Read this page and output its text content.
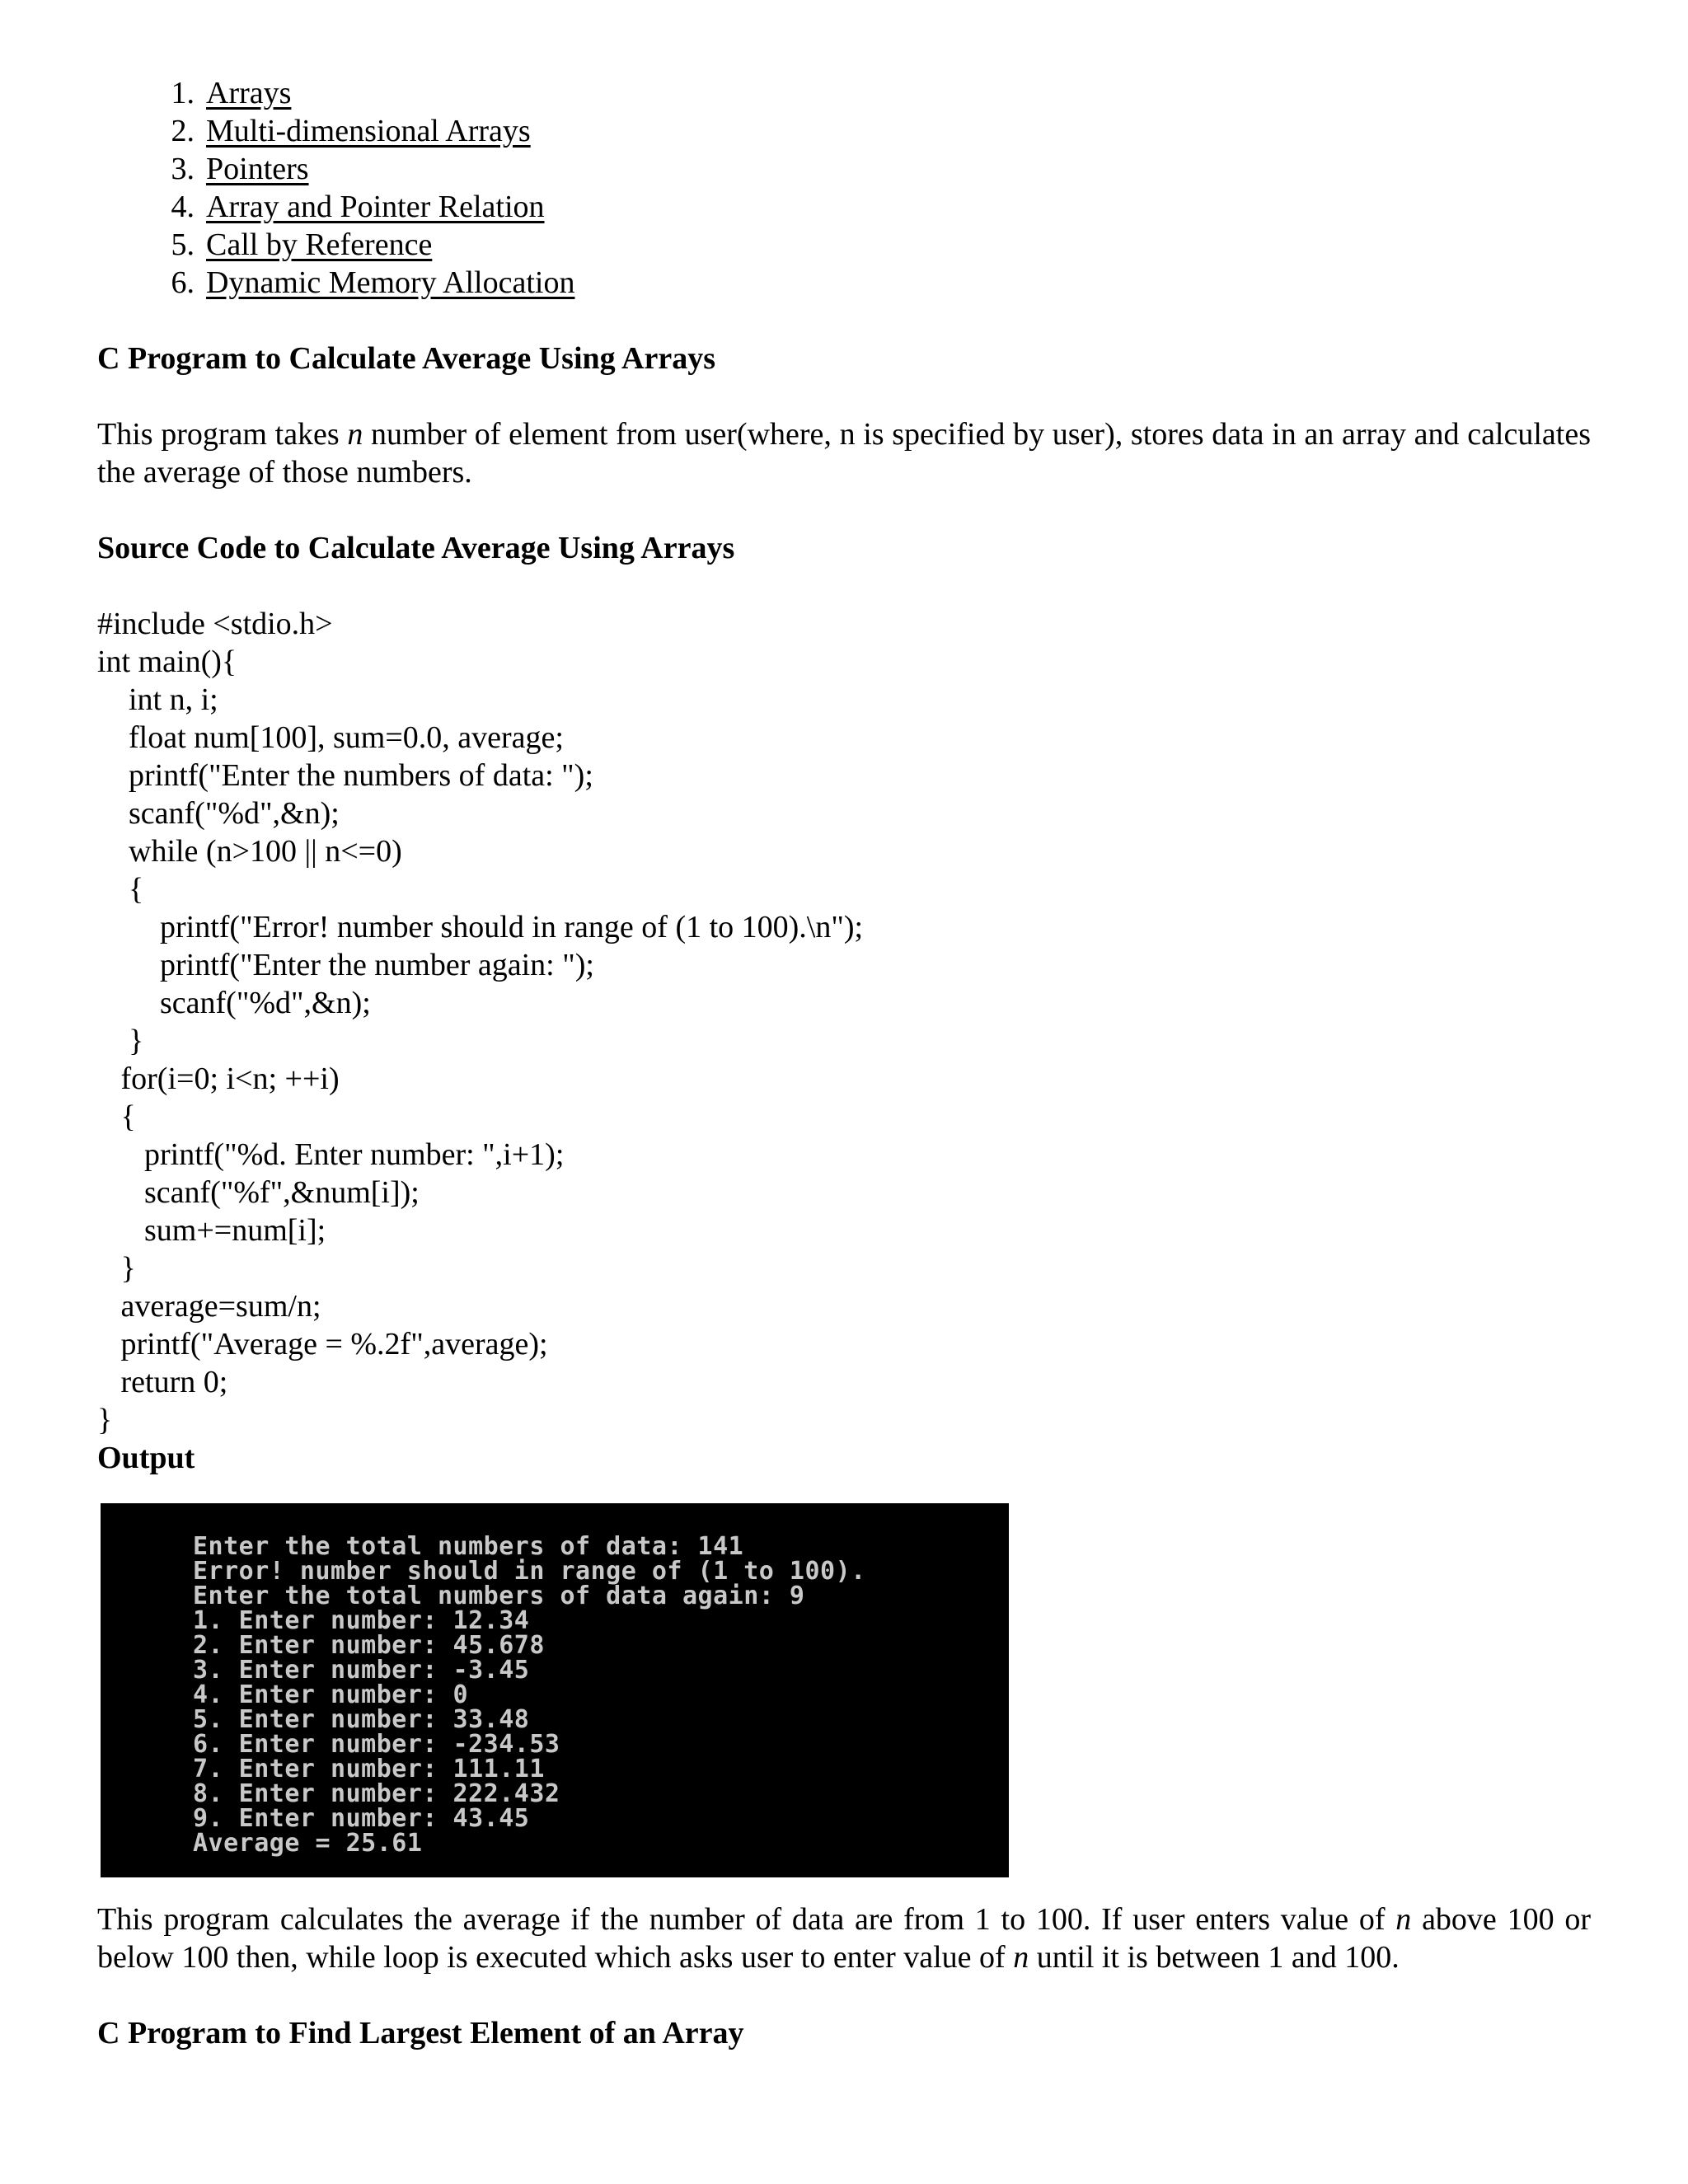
1. Arrays
2. Multi-dimensional Arrays
3. Pointers
4. Array and Pointer Relation
5. Call by Reference
6. Dynamic Memory Allocation
C Program to Calculate Average Using Arrays

This program takes n number of element from user(where, n is specified by user), stores data in an array and calculates the average of those numbers.

Source Code to Calculate Average Using Arrays
#include <stdio.h>
int main(){
int n, i;
float num[100], sum=0.0, average;
printf("Enter the numbers of data: ");
scanf("%d",&n);
while (n>100 || n<=0)
{
printf("Error! number should in range of (1 to 100).\n");
printf("Enter the number again: ");
scanf("%d",&n);
}
for(i=0; i<n; ++i)
{
printf("%d. Enter number: ",i+1);
scanf("%f",&num[i]);
sum+=num[i];
}
average=sum/n;
printf("Average = %.2f",average);
return 0;
}
Output
Enter the total numbers of data: 141
Error! number should in range of (1 to 100).
Enter the total numbers of data again: 9
1. Enter number: 12.34
2. Enter number: 45.678
3. Enter number: -3.45
4. Enter number: 0
5. Enter number: 33.48
6. Enter number: -234.53
7. Enter number: 111.11
8. Enter number: 222.432
9. Enter number: 43.45
Average = 25.61

This program calculates the average if the number of data are from 1 to 100. If user enters value of n above 100 or below 100 then, while loop is executed which asks user to enter value of n until it is between 1 and 100.

C Program to Find Largest Element of an Array
